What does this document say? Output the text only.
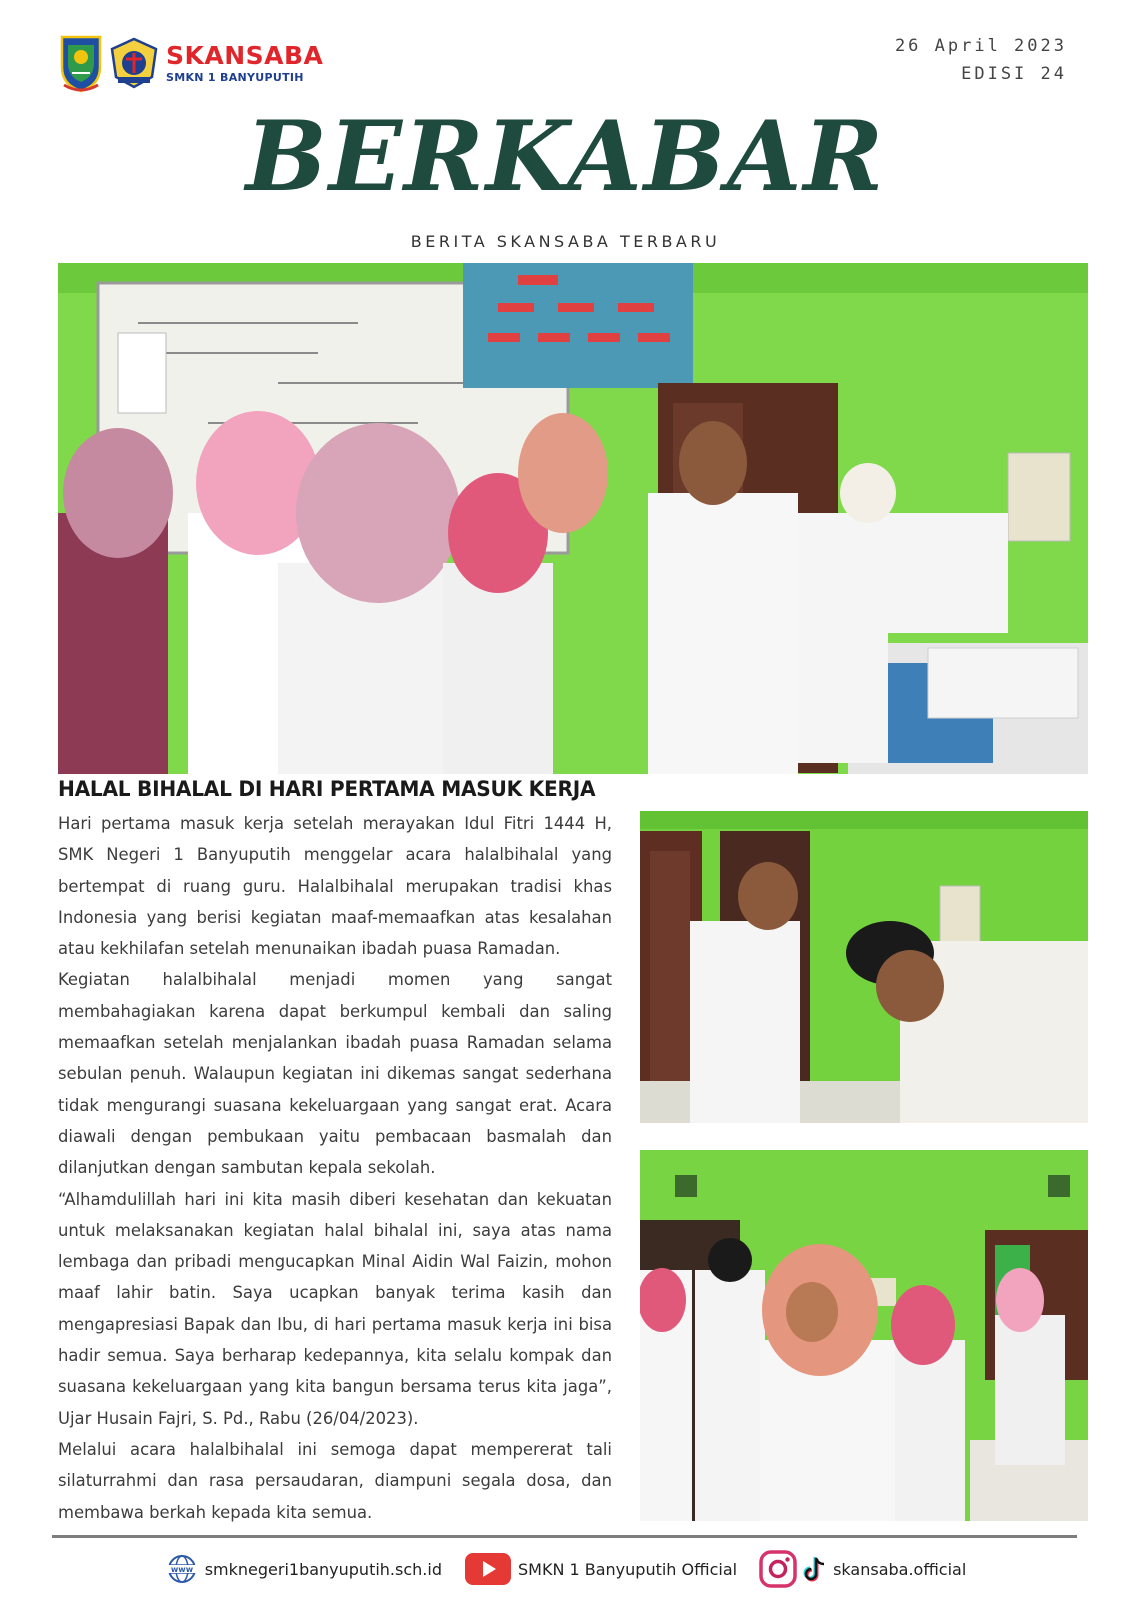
SKANSABA
SMKN 1 BANYUPUTIH
26 April 2023
EDISI 24
BERKABAR
BERITA SKANSABA TERBARU
HALAL BIHALAL DI HARI PERTAMA MASUK KERJA

Hari pertama masuk kerja setelah merayakan Idul Fitri 1444 H, SMK Negeri 1 Banyuputih menggelar acara halalbihalal yang bertempat di ruang guru. Halalbihalal merupakan tradisi khas Indonesia yang berisi kegiatan maaf-memaafkan atas kesalahan atau kekhilafan setelah menunaikan ibadah puasa Ramadan.

Kegiatan halalbihalal menjadi momen yang sangat membahagiakan karena dapat berkumpul kembali dan saling memaafkan setelah menjalankan ibadah puasa Ramadan selama sebulan penuh. Walaupun kegiatan ini dikemas sangat sederhana tidak mengurangi suasana kekeluargaan yang sangat erat. Acara diawali dengan pembukaan yaitu pembacaan basmalah dan dilanjutkan dengan sambutan kepala sekolah.

“Alhamdulillah hari ini kita masih diberi kesehatan dan kekuatan untuk melaksanakan kegiatan halal bihalal ini, saya atas nama lembaga dan pribadi mengucapkan Minal Aidin Wal Faizin, mohon maaf lahir batin. Saya ucapkan banyak terima kasih dan mengapresiasi Bapak dan Ibu, di hari pertama masuk kerja ini bisa hadir semua. Saya berharap kedepannya, kita selalu kompak dan suasana kekeluargaan yang kita bangun bersama terus kita jaga”, Ujar Husain Fajri, S. Pd., Rabu (26/04/2023).

Melalui acara halalbihalal ini semoga dapat mempererat tali silaturrahmi dan rasa persaudaran, diampuni segala dosa, dan membawa berkah kepada kita semua.

www smknegeri1banyuputih.sch.id	SMKN 1 Banyuputih Official	skansaba.official
